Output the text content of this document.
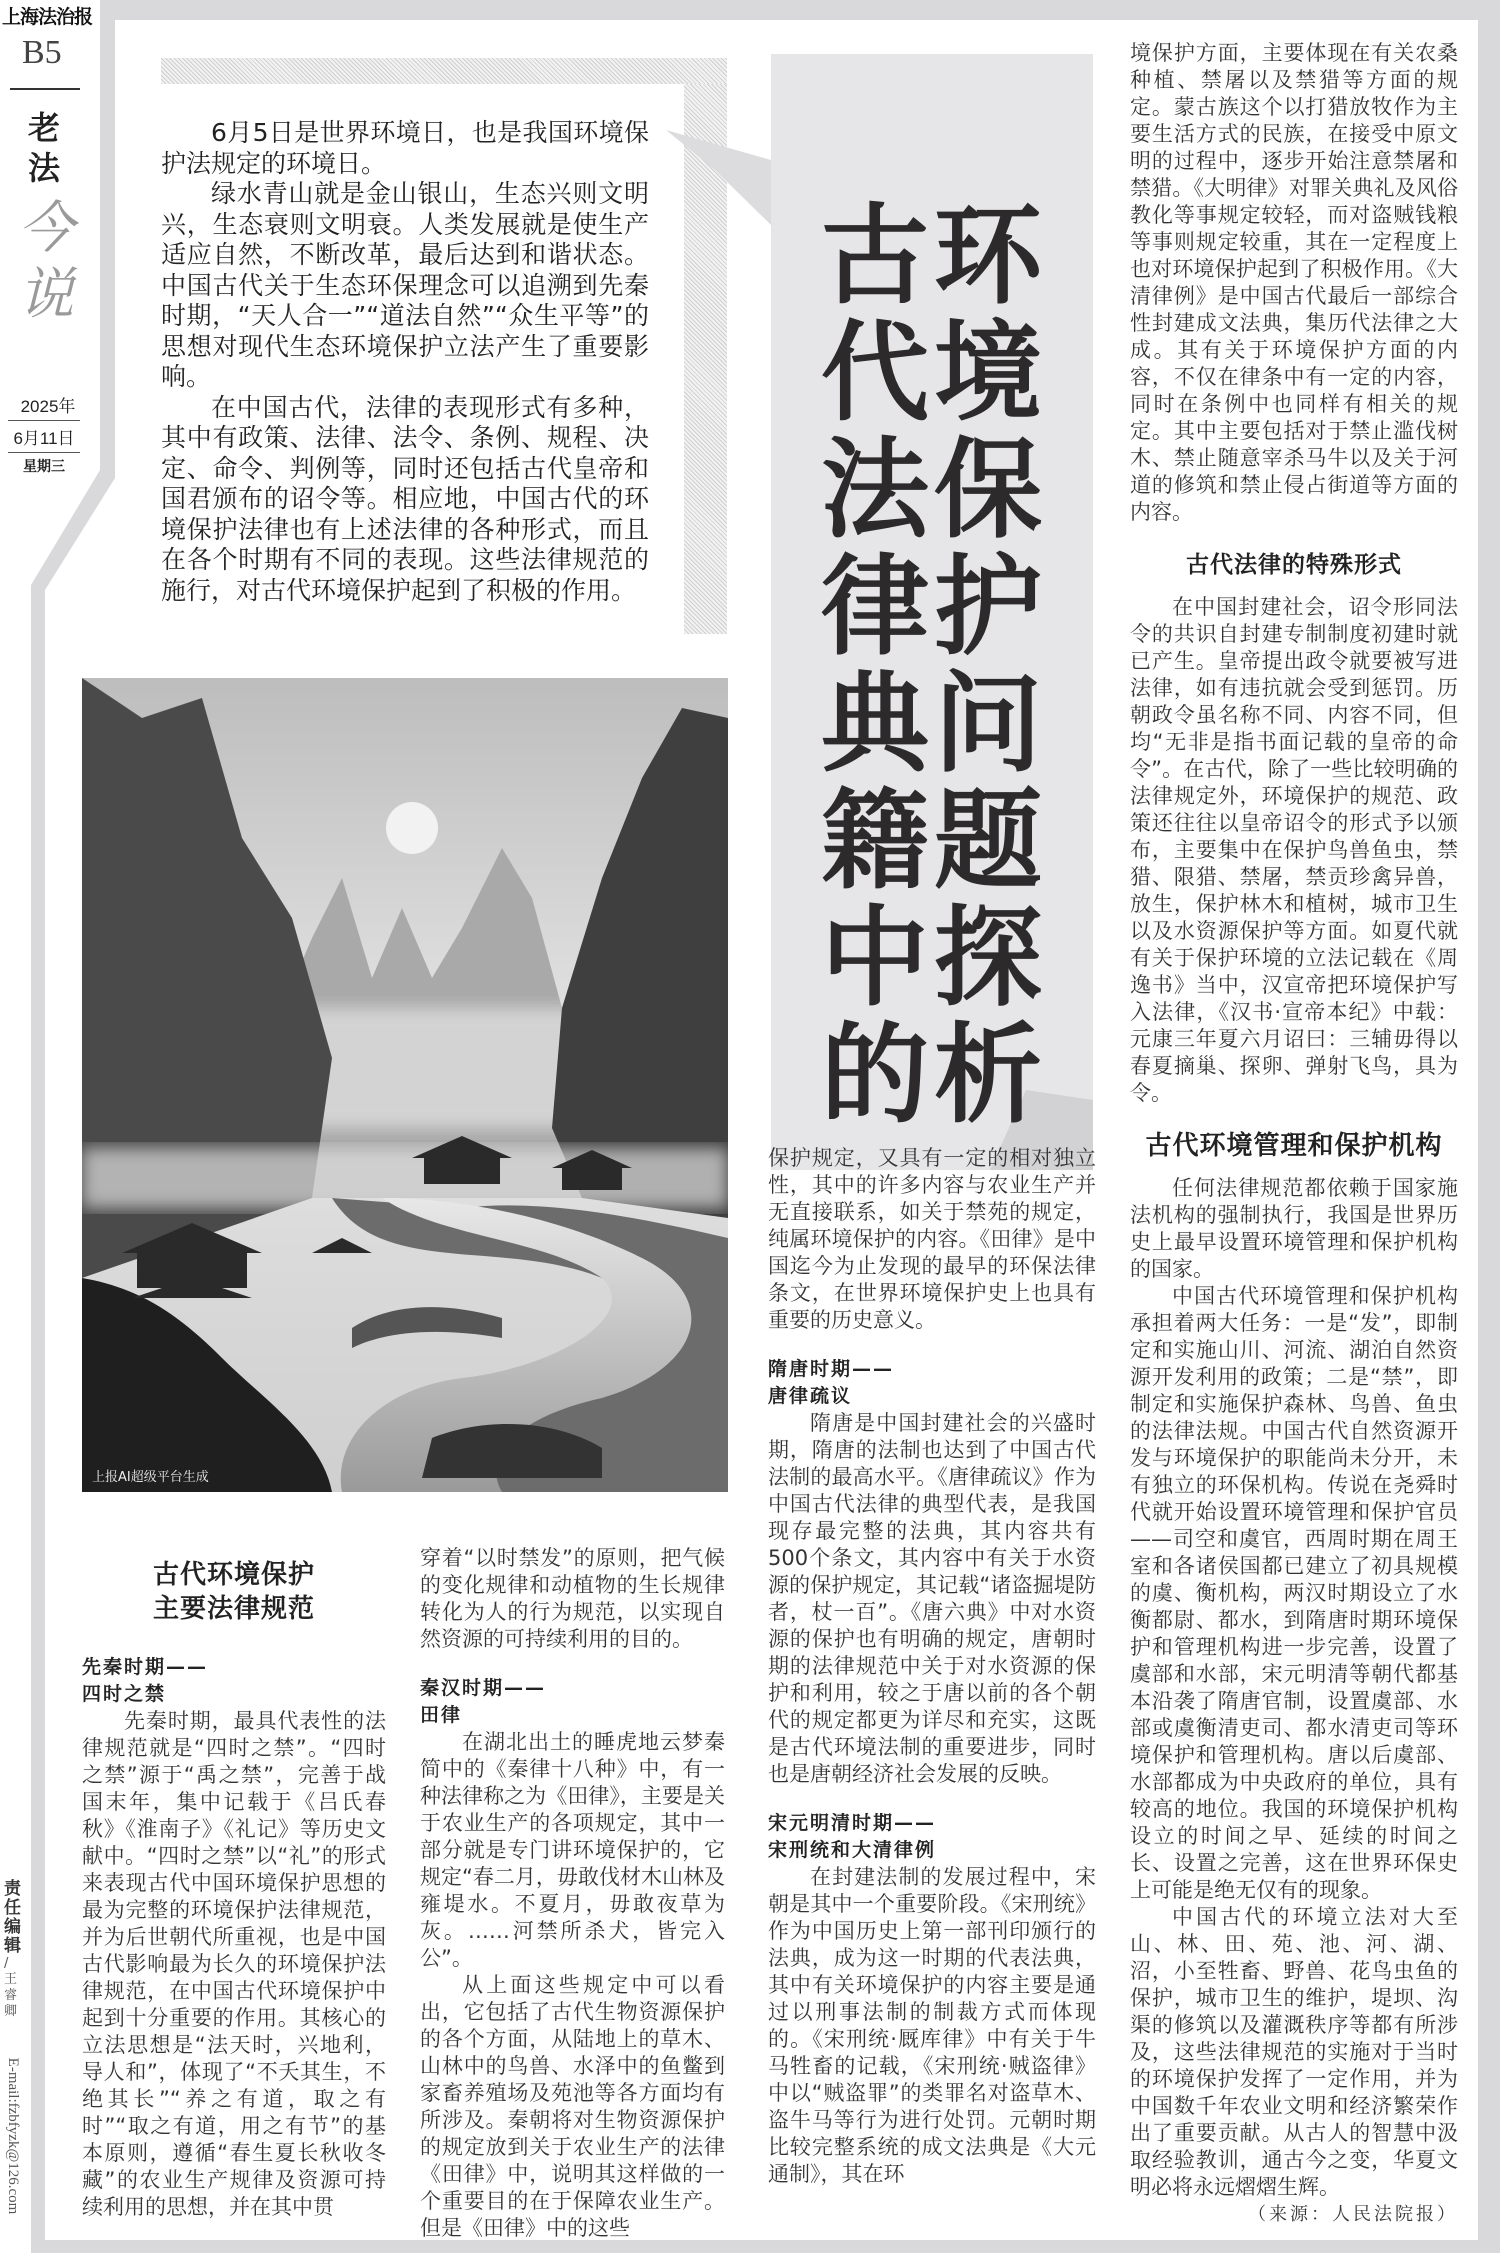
上海法治报
B5
老法
今说
2025年
6月11日
星期三
责
任
编
辑
/
王
睿
卿
E-mail:fzbfyzk@126.com

6月5日是世界环境日，也是我国环境保护法规定的环境日。

绿水青山就是金山银山，生态兴则文明兴，生态衰则文明衰。人类发展就是使生产适应自然，不断改革，最后达到和谐状态。中国古代关于生态环保理念可以追溯到先秦时期，“天人合一”“道法自然”“众生平等”的思想对现代生态环境保护立法产生了重要影响。

在中国古代，法律的表现形式有多种，其中有政策、法律、法令、条例、规程、决定、命令、判例等，同时还包括古代皇帝和国君颁布的诏令等。相应地，中国古代的环境保护法律也有上述法律的各种形式，而且在各个时期有不同的表现。这些法律规范的施行，对古代环境保护起到了积极的作用。

环
境
保
护
问
题
探
析
古
代
法
律
典
籍
中
的
上报AI超级平台生成
古代环境保护
主要法律规范
先秦时期——
四时之禁

先秦时期，最具代表性的法律规范就是“四时之禁”。“四时之禁”源于“禹之禁”，完善于战国末年，集中记载于《吕氏春秋》《淮南子》《礼记》等历史文献中。“四时之禁”以“礼”的形式来表现古代中国环境保护思想的最为完整的环境保护法律规范，并为后世朝代所重视，也是中国古代影响最为长久的环境保护法律规范，在中国古代环境保护中起到十分重要的作用。其核心的立法思想是“法天时，兴地利，导人和”，体现了“不夭其生，不绝其长”“养之有道，取之有时”“取之有道，用之有节”的基本原则，遵循“春生夏长秋收冬藏”的农业生产规律及资源可持续利用的思想，并在其中贯

穿着“以时禁发”的原则，把气候的变化规律和动植物的生长规律转化为人的行为规范，以实现自然资源的可持续利用的目的。

秦汉时期——
田律

在湖北出土的睡虎地云梦秦简中的《秦律十八种》中，有一种法律称之为《田律》，主要是关于农业生产的各项规定，其中一部分就是专门讲环境保护的，它规定“春二月，毋敢伐材木山林及雍堤水。不夏月，毋敢夜草为灰。……河禁所杀犬，皆完入公”。

从上面这些规定中可以看出，它包括了古代生物资源保护的各个方面，从陆地上的草木、山林中的鸟兽、水泽中的鱼鳖到家畜养殖场及苑池等各方面均有所涉及。秦朝将对生物资源保护的规定放到关于农业生产的法律《田律》中，说明其这样做的一个重要目的在于保障农业生产。但是《田律》中的这些

保护规定，又具有一定的相对独立性，其中的许多内容与农业生产并无直接联系，如关于禁苑的规定，纯属环境保护的内容。《田律》是中国迄今为止发现的最早的环保法律条文，在世界环境保护史上也具有重要的历史意义。

隋唐时期——
唐律疏议

隋唐是中国封建社会的兴盛时期，隋唐的法制也达到了中国古代法制的最高水平。《唐律疏议》作为中国古代法律的典型代表，是我国现存最完整的法典，其内容共有500个条文，其内容中有关于水资源的保护规定，其记载“诸盗掘堤防者，杖一百”。《唐六典》中对水资源的保护也有明确的规定，唐朝时期的法律规范中关于对水资源的保护和利用，较之于唐以前的各个朝代的规定都更为详尽和充实，这既是古代环境法制的重要进步，同时也是唐朝经济社会发展的反映。

宋元明清时期——
宋刑统和大清律例

在封建法制的发展过程中，宋朝是其中一个重要阶段。《宋刑统》作为中国历史上第一部刊印颁行的法典，成为这一时期的代表法典，其中有关环境保护的内容主要是通过以刑事法制的制裁方式而体现的。《宋刑统·厩库律》中有关于牛马牲畜的记载，《宋刑统·贼盗律》中以“贼盗罪”的类罪名对盗草木、盗牛马等行为进行处罚。元朝时期比较完整系统的成文法典是《大元通制》，其在环

境保护方面，主要体现在有关农桑种植、禁屠以及禁猎等方面的规定。蒙古族这个以打猎放牧作为主要生活方式的民族，在接受中原文明的过程中，逐步开始注意禁屠和禁猎。《大明律》对罪关典礼及风俗教化等事规定较轻，而对盗贼钱粮等事则规定较重，其在一定程度上也对环境保护起到了积极作用。《大清律例》是中国古代最后一部综合性封建成文法典，集历代法律之大成。其有关于环境保护方面的内容，不仅在律条中有一定的内容，同时在条例中也同样有相关的规定。其中主要包括对于禁止滥伐树木、禁止随意宰杀马牛以及关于河道的修筑和禁止侵占街道等方面的内容。

古代法律的特殊形式

在中国封建社会，诏令形同法令的共识自封建专制制度初建时就已产生。皇帝提出政令就要被写进法律，如有违抗就会受到惩罚。历朝政令虽名称不同、内容不同，但均“无非是指书面记载的皇帝的命令”。在古代，除了一些比较明确的法律规定外，环境保护的规范、政策还往往以皇帝诏令的形式予以颁布，主要集中在保护鸟兽鱼虫，禁猎、限猎、禁屠，禁贡珍禽异兽，放生，保护林木和植树，城市卫生以及水资源保护等方面。如夏代就有关于保护环境的立法记载在《周逸书》当中，汉宣帝把环境保护写入法律，《汉书·宣帝本纪》中载：元康三年夏六月诏曰：三辅毋得以春夏摘巢、探卵、弹射飞鸟，具为令。

古代环境管理和保护机构

任何法律规范都依赖于国家施法机构的强制执行，我国是世界历史上最早设置环境管理和保护机构的国家。

中国古代环境管理和保护机构承担着两大任务：一是“发”，即制定和实施山川、河流、湖泊自然资源开发利用的政策；二是“禁”，即制定和实施保护森林、鸟兽、鱼虫的法律法规。中国古代自然资源开发与环境保护的职能尚未分开，未有独立的环保机构。传说在尧舜时代就开始设置环境管理和保护官员——司空和虞官，西周时期在周王室和各诸侯国都已建立了初具规模的虞、衡机构，两汉时期设立了水衡都尉、都水，到隋唐时期环境保护和管理机构进一步完善，设置了虞部和水部，宋元明清等朝代都基本沿袭了隋唐官制，设置虞部、水部或虞衡清吏司、都水清吏司等环境保护和管理机构。唐以后虞部、水部都成为中央政府的单位，具有较高的地位。我国的环境保护机构设立的时间之早、延续的时间之长、设置之完善，这在世界环保史上可能是绝无仅有的现象。

中国古代的环境立法对大至山、林、田、苑、池、河、湖、沼，小至牲畜、野兽、花鸟虫鱼的保护，城市卫生的维护，堤坝、沟渠的修筑以及灌溉秩序等都有所涉及，这些法律规范的实施对于当时的环境保护发挥了一定作用，并为中国数千年农业文明和经济繁荣作出了重要贡献。从古人的智慧中汲取经验教训，通古今之变，华夏文明必将永远熠熠生辉。

（来源：人民法院报）
